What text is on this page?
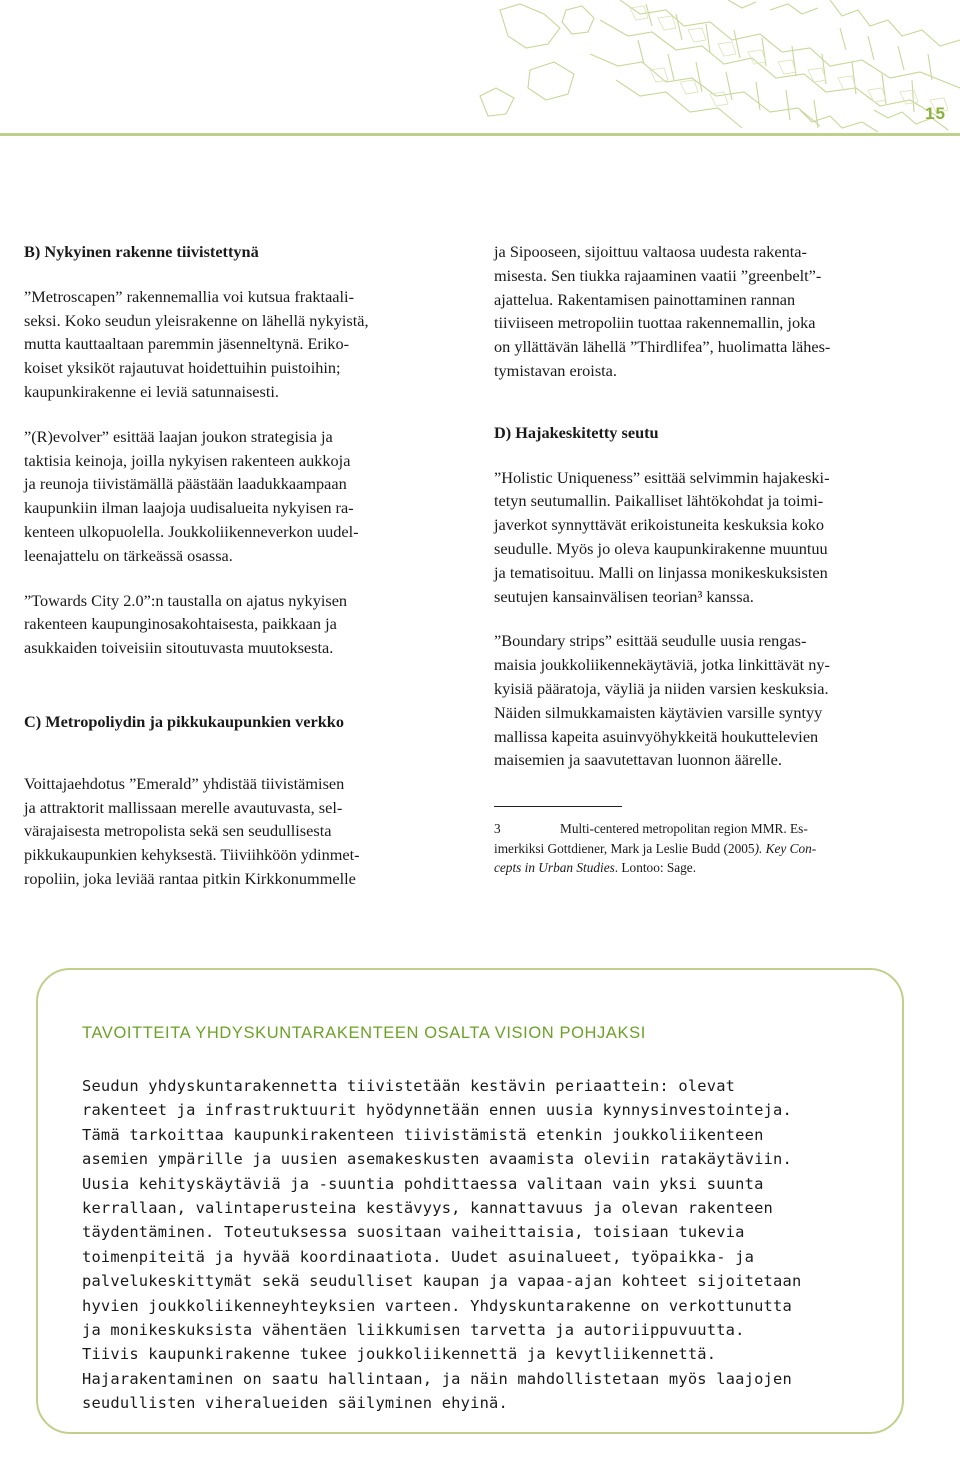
15

B) Nykyinen rakenne tiivistettynä

”Metroscapen” rakennemallia voi kutsua fraktaali-
seksi. Koko seudun yleisrakenne on lähellä nykyistä,
mutta kauttaaltaan paremmin jäsenneltynä. Eriko-
koiset yksiköt rajautuvat hoidettuihin puistoihin;
kaupunkirakenne ei leviä satunnaisesti.

”(R)evolver” esittää laajan joukon strategisia ja
taktisia keinoja, joilla nykyisen rakenteen aukkoja
ja reunoja tiivistämällä päästään laadukkaampaan
kaupunkiin ilman laajoja uudisalueita nykyisen ra-
kenteen ulkopuolella. Joukkoliikenneverkon uudel-
leenajattelu on tärkeässä osassa.

”Towards City 2.0”:n taustalla on ajatus nykyisen
rakenteen kaupunginosakohtaisesta, paikkaan ja
asukkaiden toiveisiin sitoutuvasta muutoksesta.

C) Metropoliydin ja pikkukaupunkien verkko

Voittajaehdotus ”Emerald” yhdistää tiivistämisen
ja attraktorit mallissaan merelle avautuvasta, sel-
värajaisesta metropolista sekä sen seudullisesta
pikkukaupunkien kehyksestä. Tiiviihköön ydinmet-
ropoliin, joka leviää rantaa pitkin Kirkkonummelle

ja Sipooseen, sijoittuu valtaosa uudesta rakenta-
misesta. Sen tiukka rajaaminen vaatii ”greenbelt”-
ajattelua. Rakentamisen painottaminen rannan
tiiviiseen metropoliin tuottaa rakennemallin, joka
on yllättävän lähellä ”Thirdlifea”, huolimatta lähes-
tymistavan eroista.

D) Hajakeskitetty seutu

”Holistic Uniqueness” esittää selvimmin hajakeski-
tetyn seutumallin. Paikalliset lähtökohdat ja toimi-
javerkot synnyttävät erikoistuneita keskuksia koko
seudulle. Myös jo oleva kaupunkirakenne muuntuu
ja tematisoituu. Malli on linjassa monikeskuksisten
seutujen kansainvälisen teorian³ kanssa.

”Boundary strips” esittää seudulle uusia rengas-
maisia joukkoliikennekäytäviä, jotka linkittävät ny-
kyisiä pääratoja, väyliä ja niiden varsien keskuksia.
Näiden silmukkamaisten käytävien varsille syntyy
mallissa kapeita asuinvyöhykkeitä houkuttelevien
maisemien ja saavutettavan luonnon äärelle.

3	Multi-centered metropolitan region MMR. Es-
imerkiksi Gottdiener, Mark ja Leslie Budd (2005). Key Con-
cepts in Urban Studies. Lontoo: Sage.

TAVOITTEITA YHDYSKUNTARAKENTEEN OSALTA VISION POHJAKSI
Seudun yhdyskuntarakennetta tiivistetään kestävin periaattein: olevat
rakenteet ja infrastruktuurit hyödynnetään ennen uusia kynnysinvestointeja.
Tämä tarkoittaa kaupunkirakenteen tiivistämistä etenkin joukkoliikenteen
asemien ympärille ja uusien asemakeskusten avaamista oleviin ratakäytäviin.
Uusia kehityskäytäviä ja -suuntia pohdittaessa valitaan vain yksi suunta
kerrallaan, valintaperusteina kestävyys, kannattavuus ja olevan rakenteen
täydentäminen. Toteutuksessa suositaan vaiheittaisia, toisiaan tukevia
toimenpiteitä ja hyvää koordinaatiota. Uudet asuinalueet, työpaikka- ja
palvelukeskittymät sekä seudulliset kaupan ja vapaa-ajan kohteet sijoitetaan
hyvien joukkoliikenneyhteyksien varteen. Yhdyskuntarakenne on verkottunutta
ja monikeskuksista vähentäen liikkumisen tarvetta ja autoriippuvuutta.
Tiivis kaupunkirakenne tukee joukkoliikennettä ja kevytliikennettä.
Hajarakentaminen on saatu hallintaan, ja näin mahdollistetaan myös laajojen
seudullisten viheralueiden säilyminen ehyinä.
